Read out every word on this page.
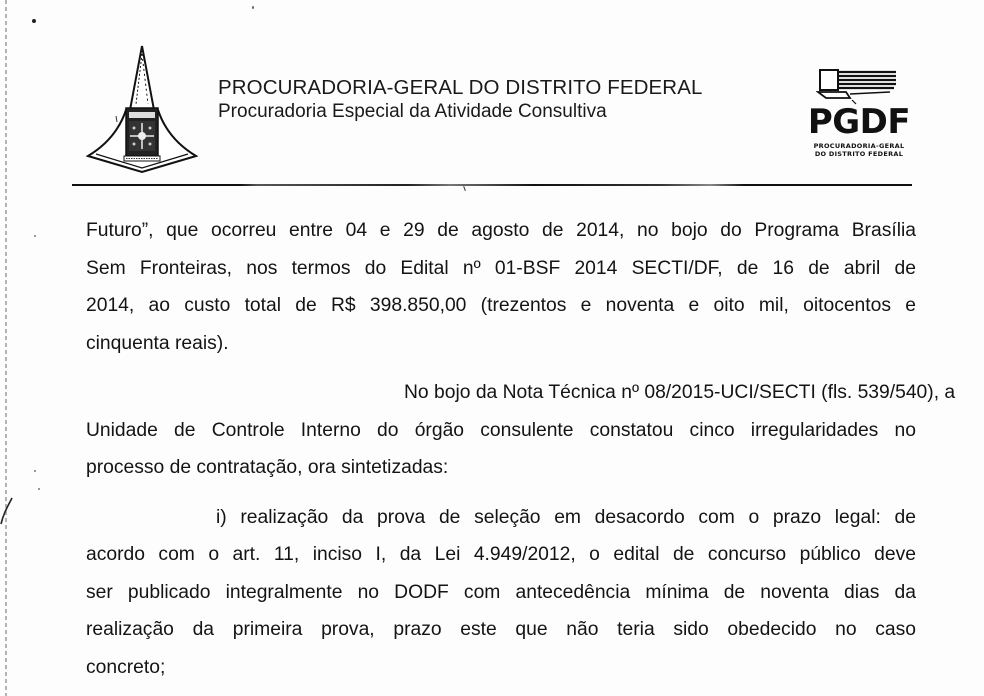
PROCURADORIA-GERAL DO DISTRITO FEDERAL
Procuradoria Especial da Atividade Consultiva	PGDF
PROCURADORIA-GERAL
DO DISTRITO FEDERAL

Futuro”, que ocorreu entre 04 e 29 de agosto de 2014, no bojo do Programa Brasília
Sem Fronteiras, nos termos do Edital nº 01-BSF 2014 SECTI/DF, de 16 de abril de
2014, ao custo total de R$ 398.850,00 (trezentos e noventa e oito mil, oitocentos e
cinquenta reais).

No bojo da Nota Técnica nº 08/2015-UCI/SECTI (fls. 539/540), a
Unidade de Controle Interno do órgão consulente constatou cinco irregularidades no
processo de contratação, ora sintetizadas:

i) realização da prova de seleção em desacordo com o prazo legal: de
acordo com o art. 11, inciso I, da Lei 4.949/2012, o edital de concurso público deve
ser publicado integralmente no DODF com antecedência mínima de noventa dias da
realização da primeira prova, prazo este que não teria sido obedecido no caso
concreto;
